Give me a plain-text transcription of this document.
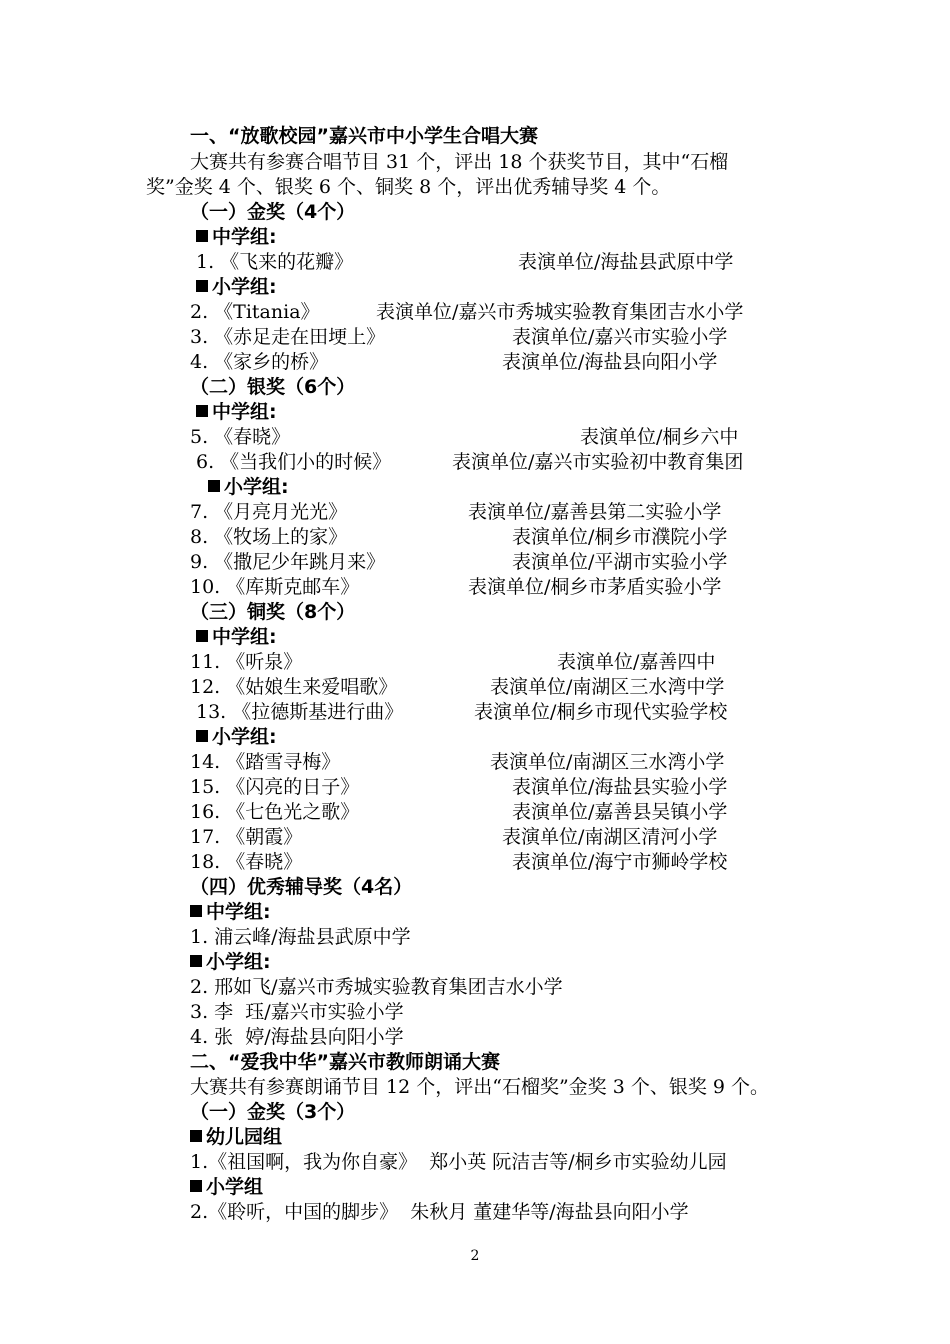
一、“放歌校园”嘉兴市中小学生合唱大赛
大赛共有参赛合唱节目 31 个，评出 18 个获奖节目，其中“石榴
奖”金奖 4 个、银奖 6 个、铜奖 8 个，评出优秀辅导奖 4 个。
（一）金奖（4个）
中学组:
1. 《飞来的花瓣》	表演单位/海盐县武原中学
小学组:
2. 《Titania》	表演单位/嘉兴市秀城实验教育集团吉水小学
3. 《赤足走在田埂上》	表演单位/嘉兴市实验小学
4. 《家乡的桥》	表演单位/海盐县向阳小学
（二）银奖（6个）
中学组:
5. 《春晓》	表演单位/桐乡六中
6. 《当我们小的时候》	表演单位/嘉兴市实验初中教育集团
小学组:
7. 《月亮月光光》	表演单位/嘉善县第二实验小学
8. 《牧场上的家》	表演单位/桐乡市濮院小学
9. 《撒尼少年跳月来》	表演单位/平湖市实验小学
10. 《库斯克邮车》	表演单位/桐乡市茅盾实验小学
（三）铜奖（8个）
中学组:
11. 《听泉》	表演单位/嘉善四中
12. 《姑娘生来爱唱歌》	表演单位/南湖区三水湾中学
13. 《拉德斯基进行曲》	表演单位/桐乡市现代实验学校
小学组:
14. 《踏雪寻梅》	表演单位/南湖区三水湾小学
15. 《闪亮的日子》	表演单位/海盐县实验小学
16. 《七色光之歌》	表演单位/嘉善县吴镇小学
17. 《朝霞》	表演单位/南湖区清河小学
18. 《春晓》	表演单位/海宁市狮岭学校
（四）优秀辅导奖（4名）
中学组:
1. 浦云峰/海盐县武原中学
小学组:
2. 邢如飞/嘉兴市秀城实验教育集团吉水小学
3. 李  珏/嘉兴市实验小学
4. 张  婷/海盐县向阳小学
二、“爱我中华”嘉兴市教师朗诵大赛
大赛共有参赛朗诵节目 12 个，评出“石榴奖”金奖 3 个、银奖 9 个。
（一）金奖（3个）
幼儿园组
1.《祖国啊，我为你自豪》  郑小英 阮洁吉等/桐乡市实验幼儿园
小学组
2.《聆听，中国的脚步》  朱秋月 董建华等/海盐县向阳小学
2
